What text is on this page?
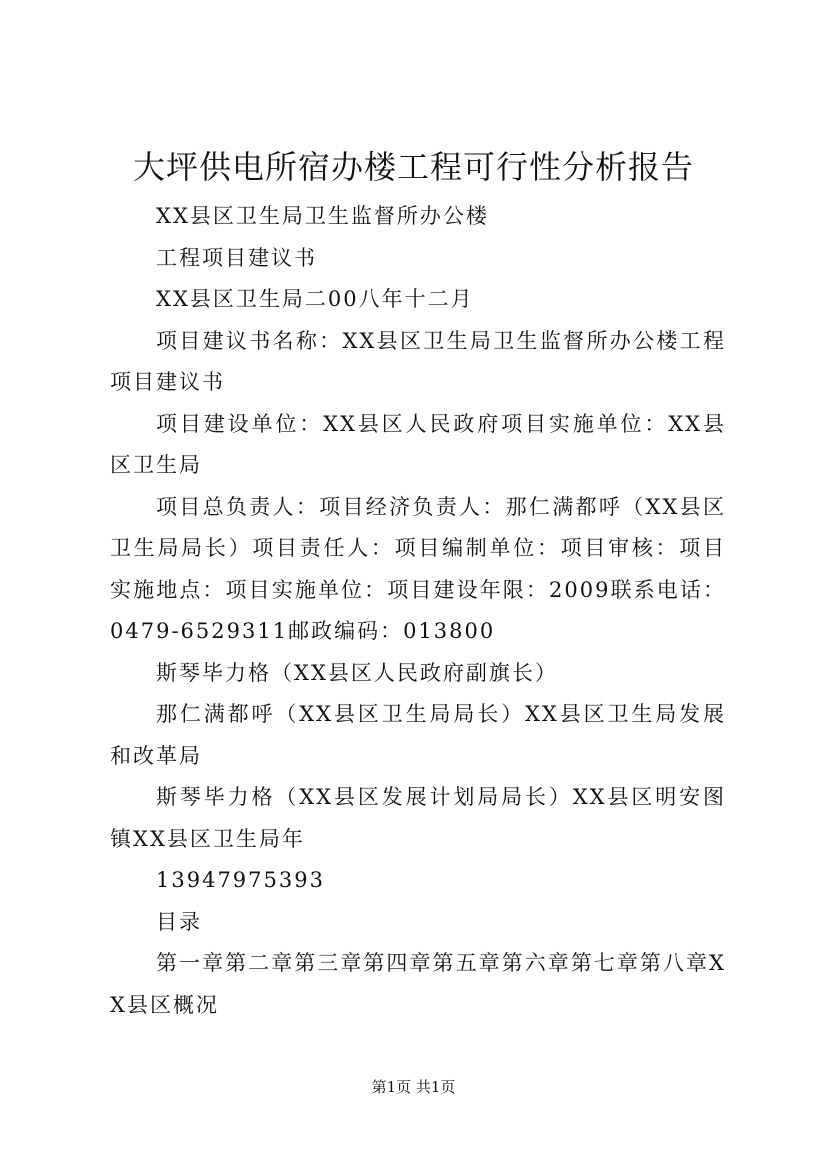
大坪供电所宿办楼工程可行性分析报告

XX县区卫生局卫生监督所办公楼

工程项目建议书

XX县区卫生局二00八年十二月

项目建议书名称：XX县区卫生局卫生监督所办公楼工程项目建议书

项目建设单位：XX县区人民政府项目实施单位：XX县区卫生局

项目总负责人：项目经济负责人：那仁满都呼（XX县区卫生局局长）项目责任人：项目编制单位：项目审核：项目实施地点：项目实施单位：项目建设年限：2009联系电话：0479-6529311邮政编码：013800

斯琴毕力格（XX县区人民政府副旗长）

那仁满都呼（XX县区卫生局局长）XX县区卫生局发展和改革局

斯琴毕力格（XX县区发展计划局局长）XX县区明安图镇XX县区卫生局年

13947975393

目录

第一章第二章第三章第四章第五章第六章第七章第八章XX县区概况

第1页 共1页
